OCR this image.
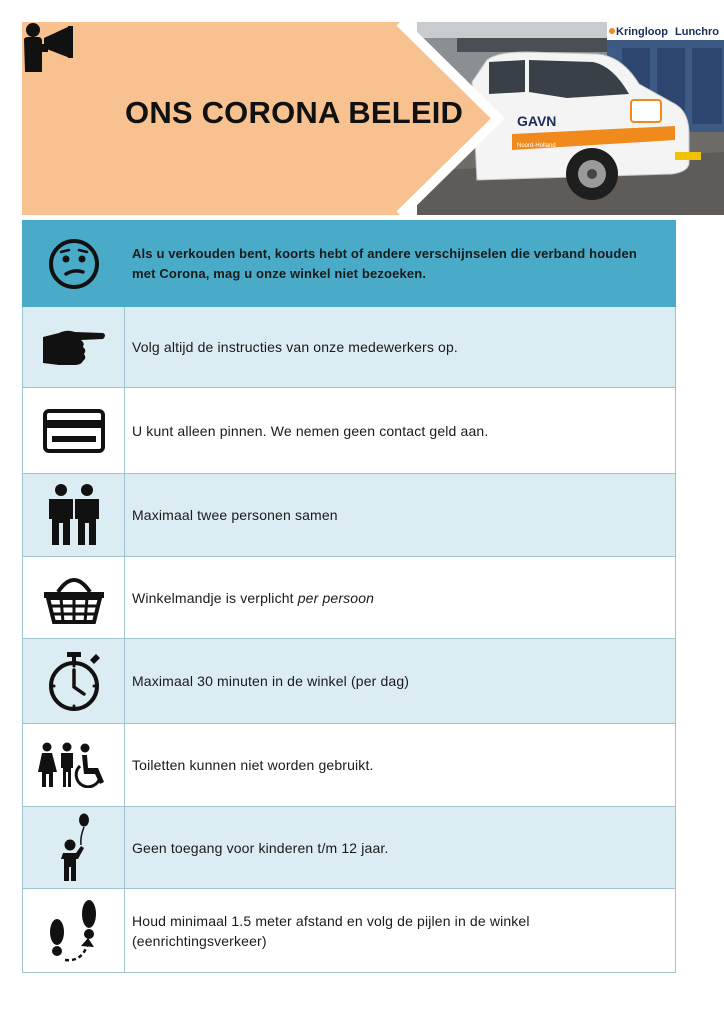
Kringloop Lunchro
GAVN
Noord-Holland
ONS CORONA BELEID
	Als u verkouden bent, koorts hebt of andere verschijnselen die verband houden met Corona, mag u onze winkel niet bezoeken.

	Volg altijd de instructies van onze medewerkers op.

	U kunt alleen pinnen. We nemen geen contact geld aan.

	Maximaal twee personen samen

	Winkelmandje is verplicht per persoon

	Maximaal 30 minuten in de winkel (per dag)

	Toiletten kunnen niet worden gebruikt.

	Geen toegang voor kinderen t/m 12 jaar.

	Houd minimaal 1.5 meter afstand en volg de pijlen in de winkel (eenrichtingsverkeer)
